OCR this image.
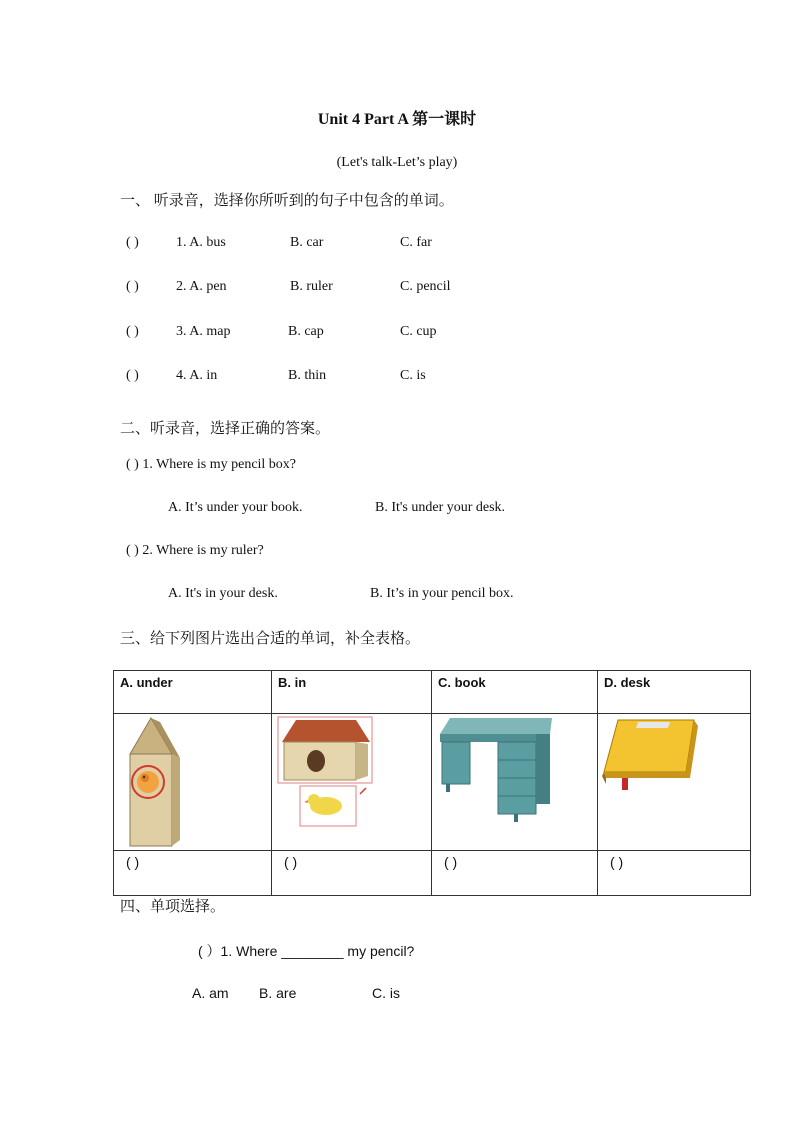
Unit 4 Part A 第一课时
(Let's talk-Let’s play)
一、 听录音，选择你所听到的句子中包含的单词。
( )	1. A. bus	B. car	C. far
( )	2. A. pen	B. ruler	C. pencil
( )	3. A. map	B. cap	C. cup
( )	4. A. in	B. thin	C. is
二、听录音，选择正确的答案。
( ) 1. Where is my pencil box?
A. It’s under your book.	B. It's under your desk.
( ) 2. Where is my ruler?
A. It's in your desk.	B. It’s in your pencil box.
三、给下列图片选出合适的单词，补全表格。
A. under	B. in	C. book	D. desk

( )	( )	( )	( )
四、单项选择。
( ）1. Where ________ my pencil?
A. am B. are	C. is
